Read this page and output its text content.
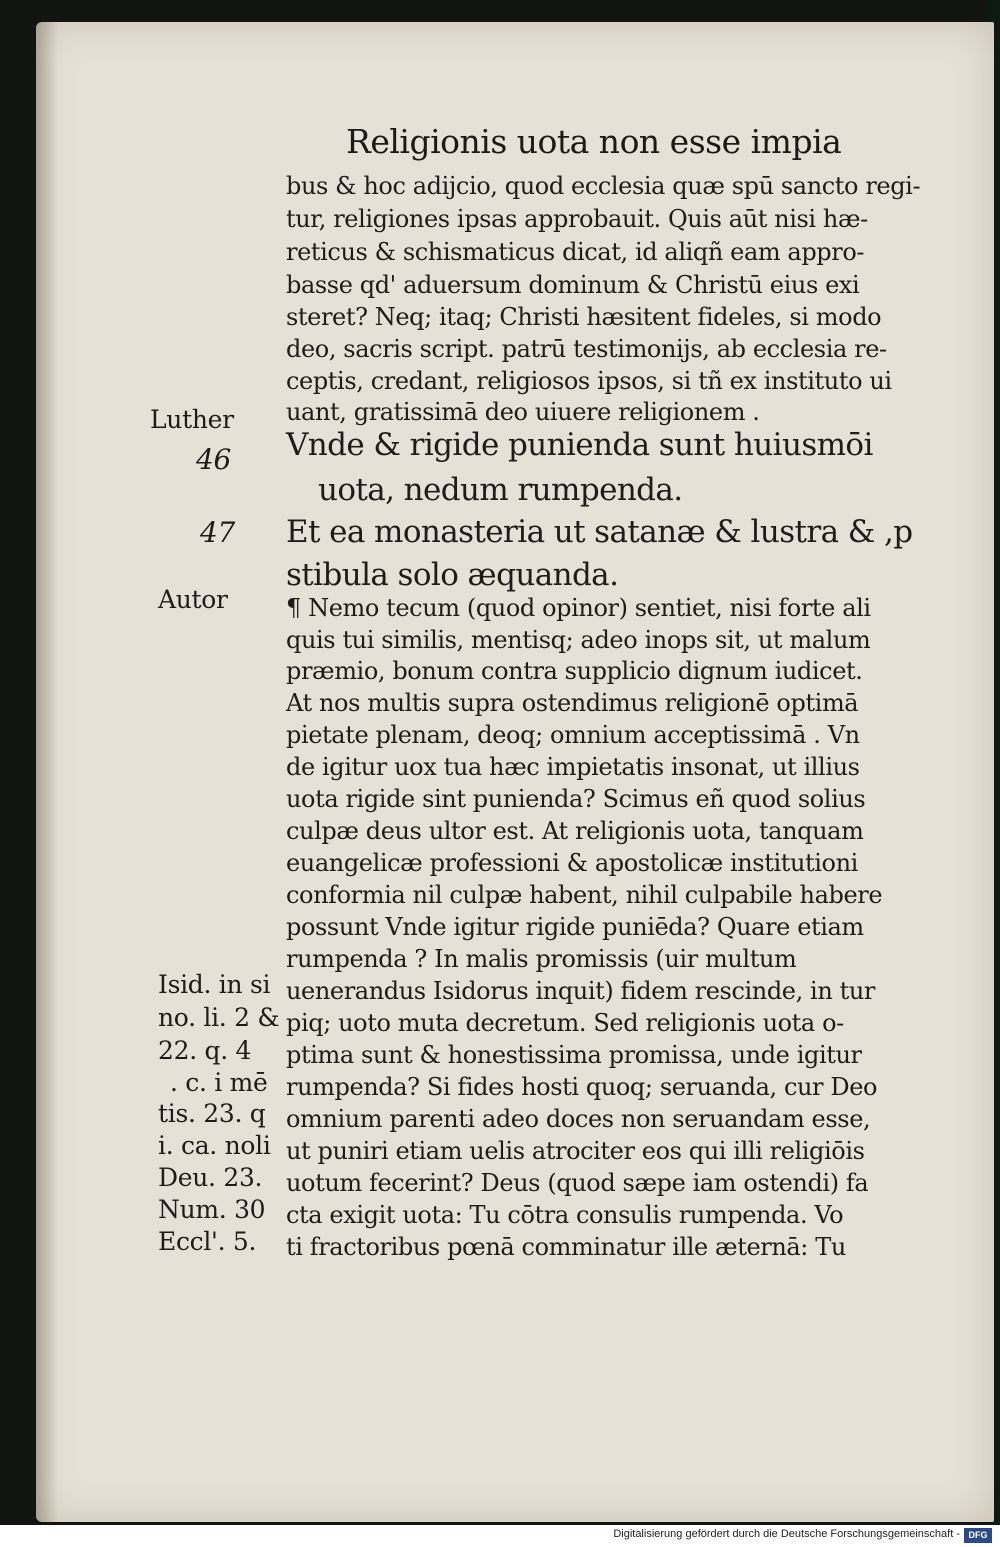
Religionis uota non esse impia
bus & hoc adijcio, quod ecclesia quæ spū sancto regi-
tur, religiones ipsas approbauit. Quis aūt nisi hæ-
reticus & schismaticus dicat, id aliqñ eam appro-
basse qd' aduersum dominum & Christū eius exi
steret? Neq; itaq; Christi hæsitent fideles, si modo
deo, sacris script. patrū testimonijs, ab ecclesia re-
ceptis, credant, religiosos ipsos, si tñ ex instituto ui
uant, gratissimā deo uiuere religionem .
Vnde & rigide punienda sunt huiusmōi
uota, nedum rumpenda.
Et ea monasteria ut satanæ & lustra & ,p
stibula solo æquanda.
¶ Nemo tecum (quod opinor) sentiet, nisi forte ali
quis tui similis, mentisq; adeo inops sit, ut malum
præmio, bonum contra supplicio dignum iudicet.
At nos multis supra ostendimus religionē optimā
pietate plenam, deoq; omnium acceptissimā . Vn
de igitur uox tua hæc impietatis insonat, ut illius
uota rigide sint punienda? Scimus eñ quod solius
culpæ deus ultor est. At religionis uota, tanquam
euangelicæ professioni & apostolicæ institutioni
conformia nil culpæ habent, nihil culpabile habere
possunt Vnde igitur rigide puniēda? Quare etiam
rumpenda ? In malis promissis (uir multum
uenerandus Isidorus inquit) fidem rescinde, in tur
piq; uoto muta decretum. Sed religionis uota o-
ptima sunt & honestissima promissa, unde igitur
rumpenda? Si fides hosti quoq; seruanda, cur Deo
omnium parenti adeo doces non seruandam esse,
ut puniri etiam uelis atrociter eos qui illi religiōis
uotum fecerint? Deus (quod sæpe iam ostendi) fa
cta exigit uota: Tu cōtra consulis rumpenda. Vo
ti fractoribus pœnā comminatur ille æternā: Tu
Luther
46
47
Autor
Isid. in si
no. li. 2 &
22. q. 4
. c. i mē
tis. 23. q
i. ca. noli
Deu. 23.
Num. 30
Eccl'. 5.
Digitalisierung gefördert durch die Deutsche Forschungsgemeinschaft - DFG
